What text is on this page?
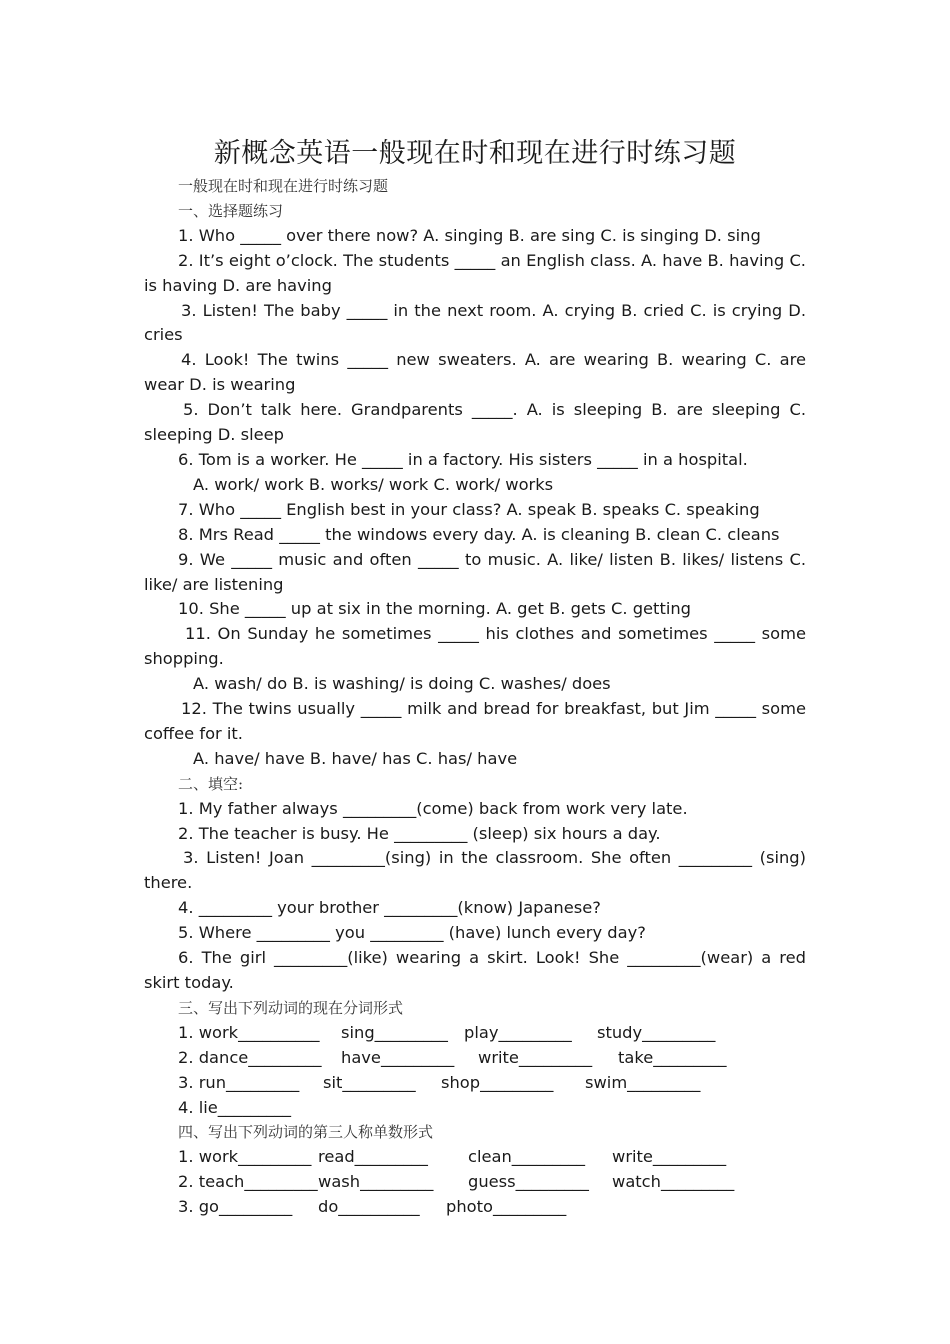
新概念英语一般现在时和现在进行时练习题
一般现在时和现在进行时练习题
一、选择题练习
1. Who _____ over there now? A. singing B. are sing C. is singing D. sing
2. It’s eight o’clock. The students _____ an English class. A. have B. having C. is having D. are having
3. Listen! The baby _____ in the next room. A. crying B. cried C. is crying D. cries
4. Look! The twins _____ new sweaters. A. are wearing B. wearing C. are wear D. is wearing
5. Don’t talk here. Grandparents _____. A. is sleeping B. are sleeping C. sleeping D. sleep
6. Tom is a worker. He _____ in a factory. His sisters _____ in a hospital.
A. work/ work B. works/ work C. work/ works
7. Who _____ English best in your class? A. speak B. speaks C. speaking
8. Mrs Read _____ the windows every day. A. is cleaning B. clean C. cleans
9. We _____ music and often _____ to music. A. like/ listen B. likes/ listens C. like/ are listening
10. She _____ up at six in the morning. A. get B. gets C. getting
11. On Sunday he sometimes _____ his clothes and sometimes _____ some shopping.
A. wash/ do B. is washing/ is doing C. washes/ does
12. The twins usually _____ milk and bread for breakfast, but Jim _____ some coffee for it.
A. have/ have B. have/ has C. has/ have
二、填空:
1. My father always _________(come) back from work very late.
2. The teacher is busy. He _________ (sleep) six hours a day.
3. Listen! Joan _________(sing) in the classroom. She often _________ (sing) there.
4. _________ your brother _________(know) Japanese?
5. Where _________ you _________ (have) lunch every day?
6. The girl _________(like) wearing a skirt. Look! She _________(wear) a red skirt today.
三、写出下列动词的现在分词形式
1. work__________	sing_________ play_________	study_________
2. dance_________	have_________	write_________	take_________
3. run_________	sit_________	shop_________	swim_________
4. lie_________
四、写出下列动词的第三人称单数形式
1. work_________ read_________	clean_________	write_________
2. teach_________ wash_________	guess_________	watch_________
3. go_________	do__________	photo_________
